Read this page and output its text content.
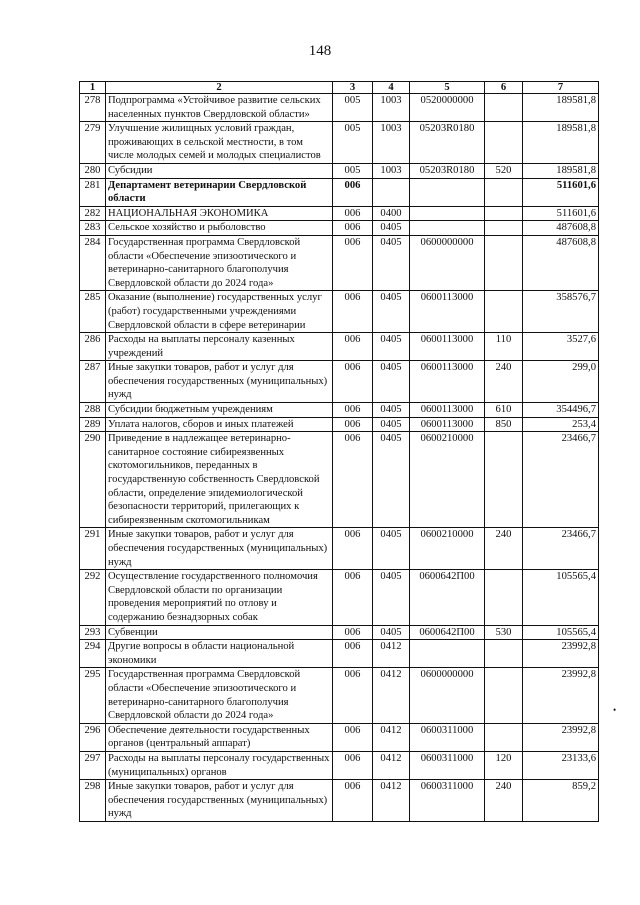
148
1	2	3	4	5	6	7
278	Подпрограмма «Устойчивое развитие сельских населенных пунктов Свердловской области»	005	1003	0520000000		189581,8
279	Улучшение жилищных условий граждан, проживающих в сельской местности, в том числе молодых семей и молодых специалистов	005	1003	05203R0180		189581,8
280	Субсидии	005	1003	05203R0180	520	189581,8
281	Департамент ветеринарии Свердловской области	006				511601,6
282	НАЦИОНАЛЬНАЯ ЭКОНОМИКА	006	0400			511601,6
283	Сельское хозяйство и рыболовство	006	0405			487608,8
284	Государственная программа Свердловской области «Обеспечение эпизоотического и ветеринарно-санитарного благополучия Свердловской области до 2024 года»	006	0405	0600000000		487608,8
285	Оказание (выполнение) государственных услуг (работ) государственными учреждениями Свердловской области в сфере ветеринарии	006	0405	0600113000		358576,7
286	Расходы на выплаты персоналу казенных учреждений	006	0405	0600113000	110	3527,6
287	Иные закупки товаров, работ и услуг для обеспечения государственных (муниципальных) нужд	006	0405	0600113000	240	299,0
288	Субсидии бюджетным учреждениям	006	0405	0600113000	610	354496,7
289	Уплата налогов, сборов и иных платежей	006	0405	0600113000	850	253,4
290	Приведение в надлежащее ветеринарно-санитарное состояние сибиреязвенных скотомогильников, переданных в государственную собственность Свердловской области, определение эпидемиологической безопасности территорий, прилегающих к сибиреязвенным скотомогильникам	006	0405	0600210000		23466,7
291	Иные закупки товаров, работ и услуг для обеспечения государственных (муниципальных) нужд	006	0405	0600210000	240	23466,7
292	Осуществление государственного полномочия Свердловской области по организации проведения мероприятий по отлову и содержанию безнадзорных собак	006	0405	0600642П00		105565,4
293	Субвенции	006	0405	0600642П00	530	105565,4
294	Другие вопросы в области национальной экономики	006	0412			23992,8
295	Государственная программа Свердловской области «Обеспечение эпизоотического и ветеринарно-санитарного благополучия Свердловской области до 2024 года»	006	0412	0600000000		23992,8
296	Обеспечение деятельности государственных органов (центральный аппарат)	006	0412	0600311000		23992,8
297	Расходы на выплаты персоналу государственных (муниципальных) органов	006	0412	0600311000	120	23133,6
298	Иные закупки товаров, работ и услуг для обеспечения государственных (муниципальных) нужд	006	0412	0600311000	240	859,2
•
